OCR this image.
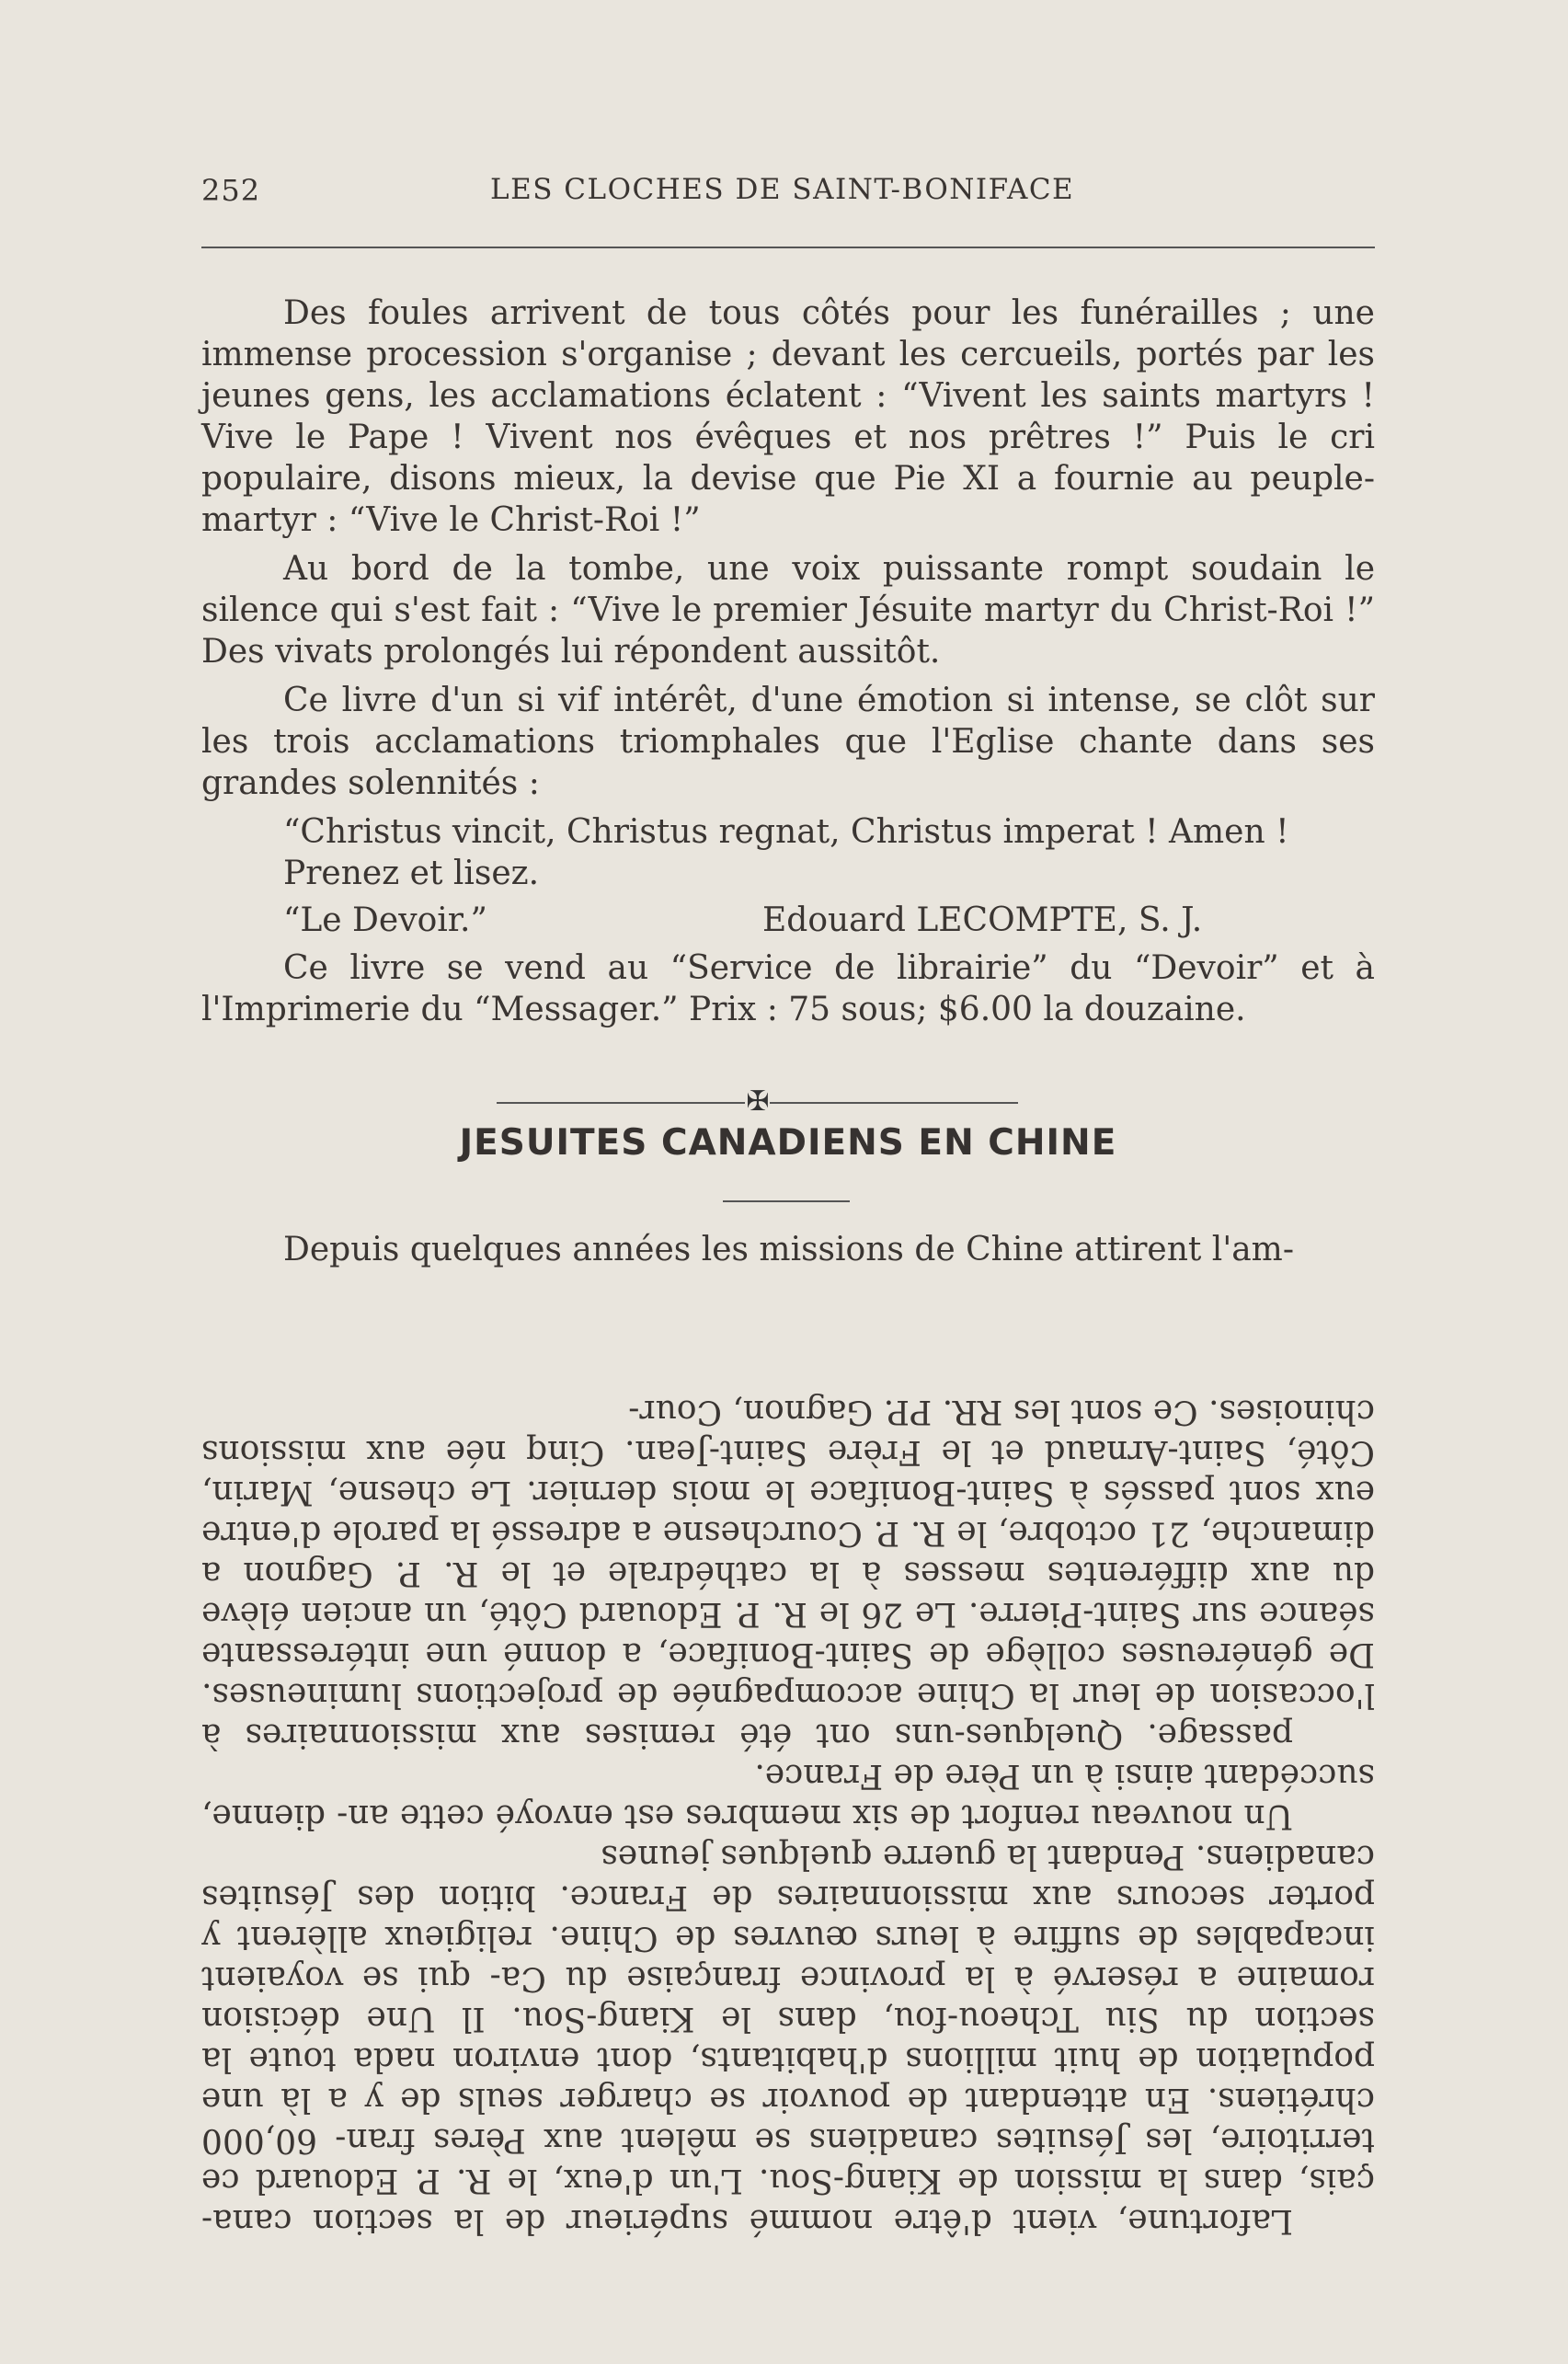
252	LES CLOCHES DE SAINT-BONIFACE

Des foules arrivent de tous côtés pour les funérailles ; une immense procession s'organise ; devant les cercueils, portés par les jeunes gens, les acclamations éclatent : “Vivent les saints martyrs ! Vive le Pape ! Vivent nos évêques et nos prêtres !” Puis le cri populaire, disons mieux, la devise que Pie XI a fournie au peuple-martyr : “Vive le Christ-Roi !”

Au bord de la tombe, une voix puissante rompt soudain le silence qui s'est fait : “Vive le premier Jésuite martyr du Christ-Roi !” Des vivats prolongés lui répondent aussitôt.

Ce livre d'un si vif intérêt, d'une émotion si intense, se clôt sur les trois acclamations triomphales que l'Eglise chante dans ses grandes solennités :

“Christus vincit, Christus regnat, Christus imperat ! Amen !

Prenez et lisez.

“Le Devoir.”	Edouard LECOMPTE, S. J.

Ce livre se vend au “Service de librairie” du “Devoir” et à l'Imprimerie du “Messager.” Prix : 75 sous; $6.00 la douzaine.

✠
JESUITES CANADIENS EN CHINE

Depuis quelques années les missions de Chine attirent l'am-

Lafortune, vient d'être nommé supérieur de la section cana- çais, dans la mission de Kiang-Sou. L'un d'eux, le R. P. Edouard ce territoire, les Jésuites canadiens se mêlent aux Pères fran- 60,000 chrétiens. En attendant de pouvoir se charger seuls de y a là une population de huit millions d'habitants, dont environ nada toute la section du Siu Tcheou-fou, dans le Kiang-Sou. Il Une décision romaine a réservé à la province française du Ca- qui se voyaient incapables de suffire à leurs œuvres de Chine. religieux allèrent y porter secours aux missionnaires de France. bition des Jésuites canadiens. Pendant la guerre quelques jeunes

Un nouveau renfort de six membres est envoyé cette an- dienne, succédant ainsi à un Père de France.

passage. Quelques-uns ont été remises aux missionnaires à l'occasion de leur la Chine accompagnée de projections lumineuses. De généreuses collège de Saint-Boniface, a donné une intéressante séance sur Saint-Pierre. Le 26 le R. P. Edouard Côté, un ancien élève du aux différentes messes à la cathédrale et le R. P. Gagnon a dimanche, 21 octobre, le R. P. Courchesne a adressé la parole d'entre eux sont passés à Saint-Boniface le mois dernier. Le chesne, Marin, Côté, Saint-Arnaud et le Frère Saint-Jean. Cinq née aux missions chinoises. Ce sont les RR. PP. Gagnon, Cour-
